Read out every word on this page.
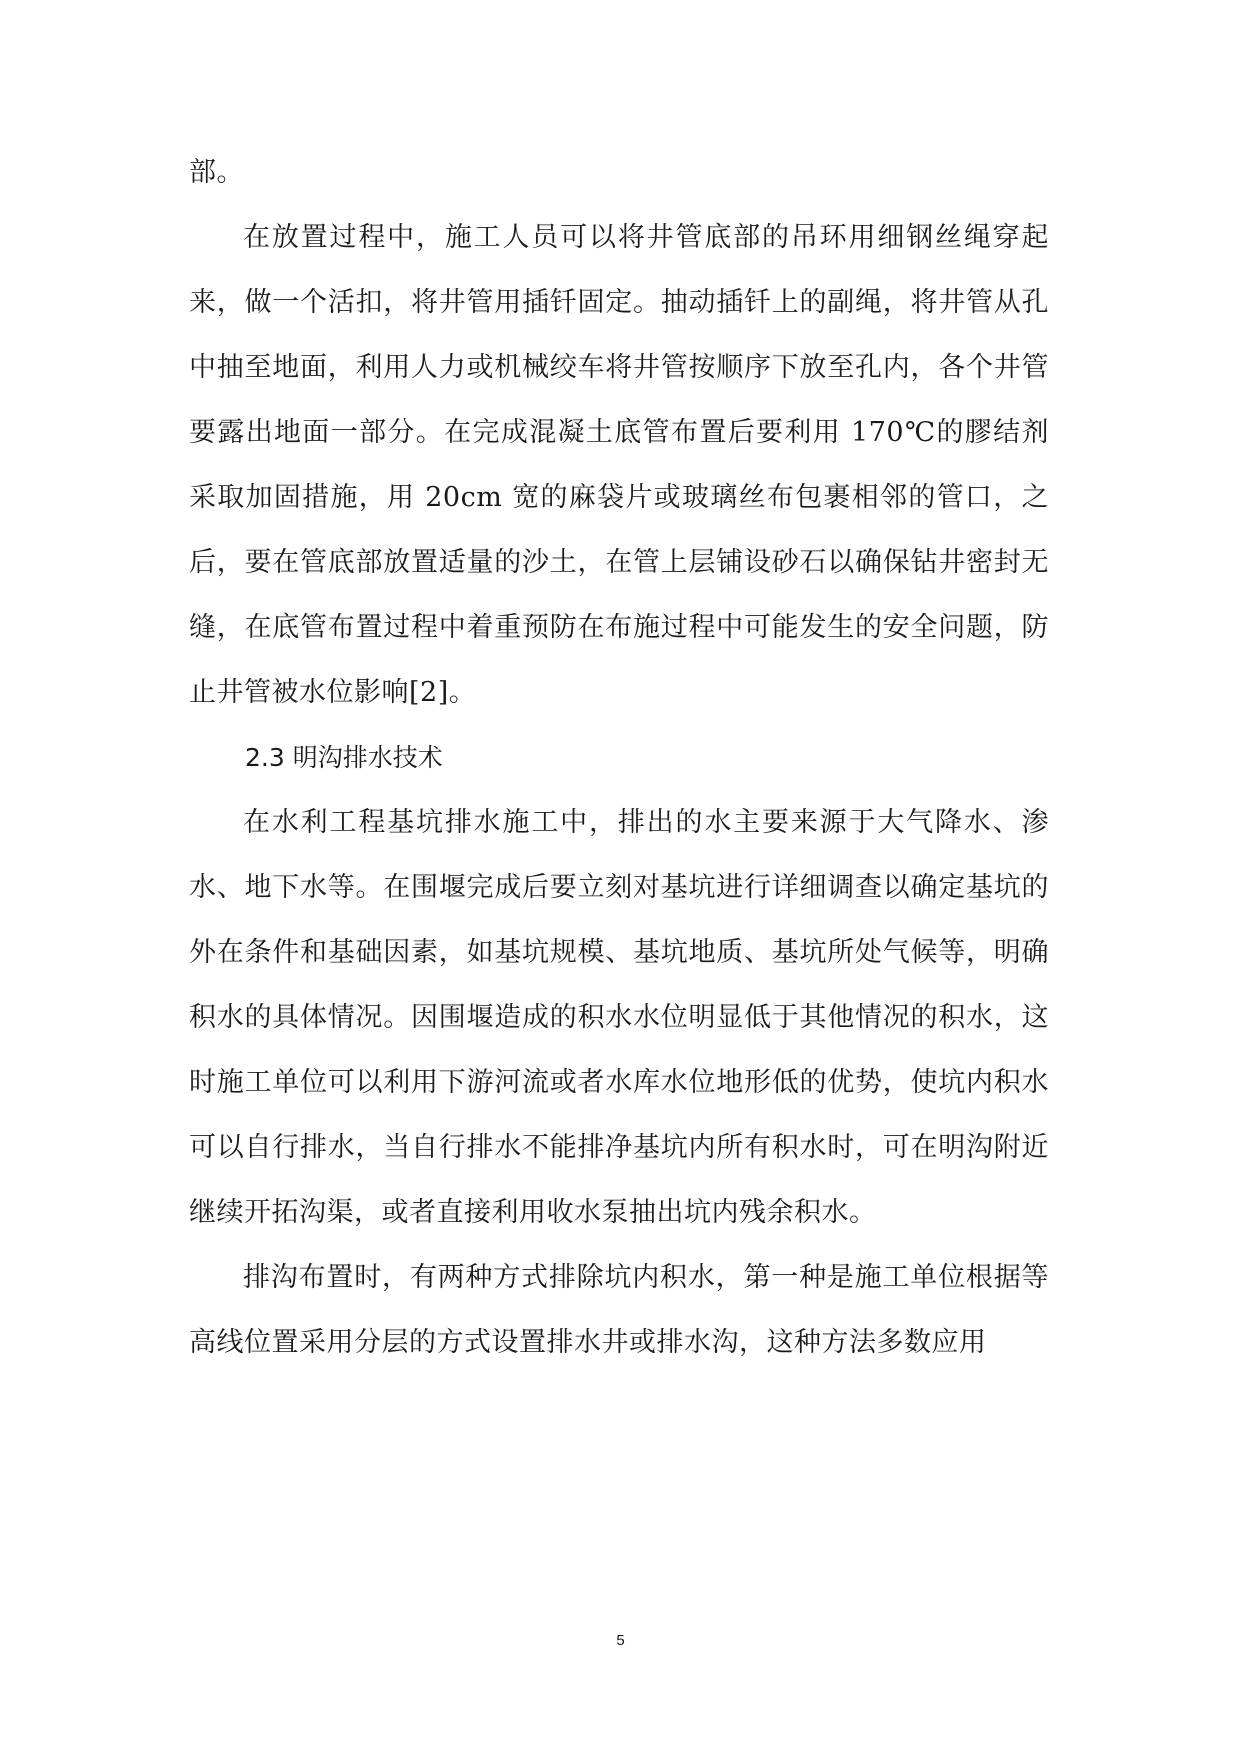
部。

在放置过程中，施工人员可以将井管底部的吊环用细钢丝绳穿起来，做一个活扣，将井管用插钎固定。抽动插钎上的副绳，将井管从孔中抽至地面，利用人力或机械绞车将井管按顺序下放至孔内，各个井管要露出地面一部分。在完成混凝土底管布置后要利用 170℃的膠结剂采取加固措施，用 20cm 宽的麻袋片或玻璃丝布包裹相邻的管口，之后，要在管底部放置适量的沙土，在管上层铺设砂石以确保钻井密封无缝，在底管布置过程中着重预防在布施过程中可能发生的安全问题，防止井管被水位影响[2]。

2.3 明沟排水技术

在水利工程基坑排水施工中，排出的水主要来源于大气降水、渗水、地下水等。在围堰完成后要立刻对基坑进行详细调查以确定基坑的外在条件和基础因素，如基坑规模、基坑地质、基坑所处气候等，明确积水的具体情况。因围堰造成的积水水位明显低于其他情况的积水，这时施工单位可以利用下游河流或者水库水位地形低的优势，使坑内积水可以自行排水，当自行排水不能排净基坑内所有积水时，可在明沟附近继续开拓沟渠，或者直接利用收水泵抽出坑内残余积水。

排沟布置时，有两种方式排除坑内积水，第一种是施工单位根据等高线位置采用分层的方式设置排水井或排水沟，这种方法多数应用

5
